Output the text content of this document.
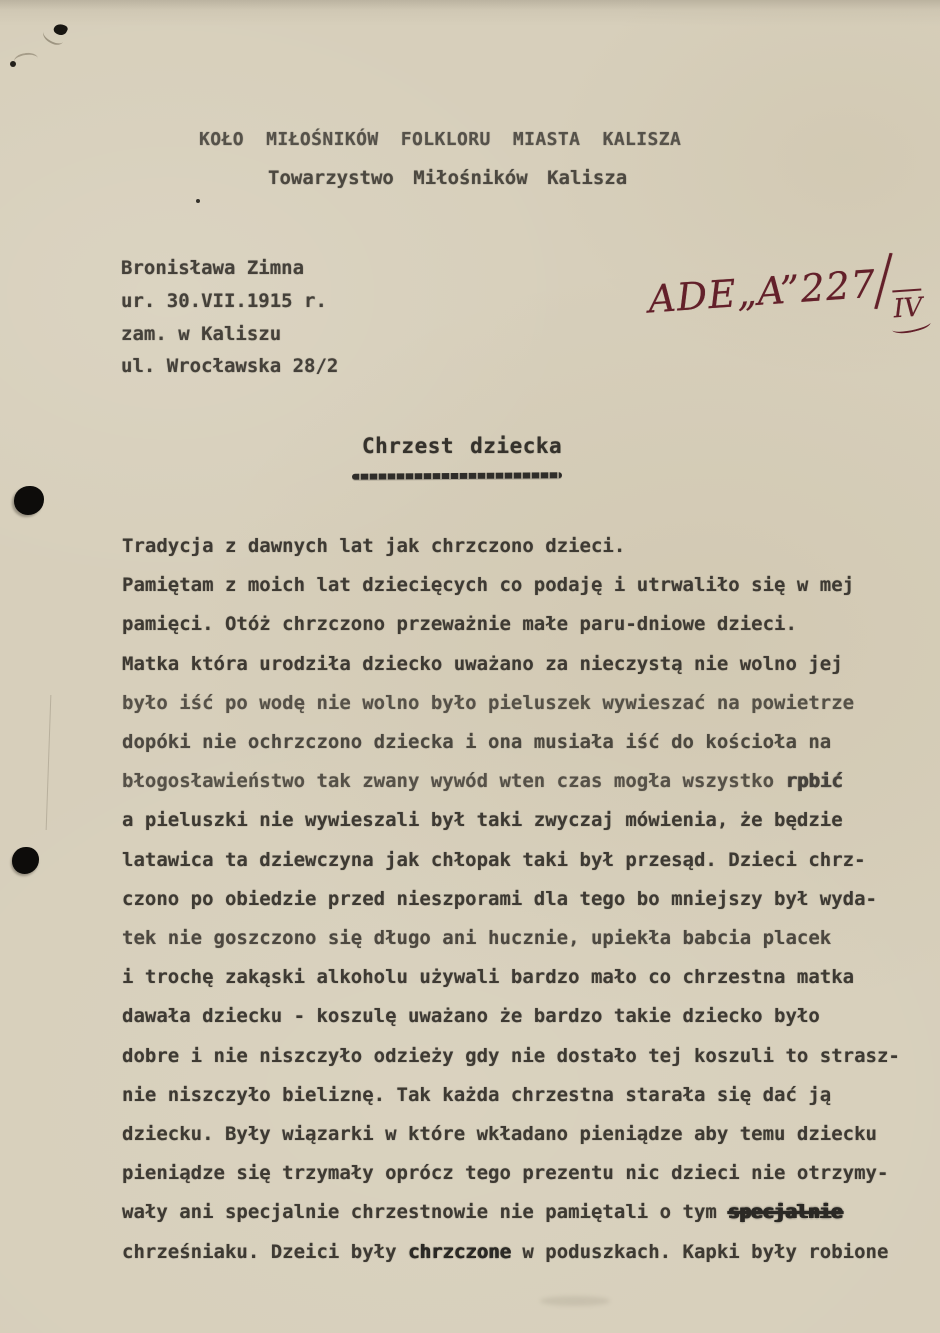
KOŁO MIŁOŚNIKÓW FOLKLORU MIASTA KALISZA
Towarzystwo Miłośników Kalisza
Bronisława Zimna
ur. 30.VII.1915 r.
zam. w Kaliszu
ul. Wrocławska 28/2
ADE„A”227/IV
Chrzest dziecka
Tradycja z dawnych lat jak chrzczono dzieci.
Pamiętam z moich lat dziecięcych co podaję i utrwaliło się w mej
pamięci. Otóż chrzczono przeważnie małe paru-dniowe dzieci.
Matka która urodziła dziecko uważano za nieczystą nie wolno jej
było iść po wodę nie wolno było pieluszek wywieszać na powietrze
dopóki nie ochrzczono dziecka i ona musiała iść do kościoła na
błogosławieństwo tak zwany wywód wten czas mogła wszystko rpbić
a pieluszki nie wywieszali był taki zwyczaj mówienia, że będzie
latawica ta dziewczyna jak chłopak taki był przesąd. Dzieci chrz-
czono po obiedzie przed nieszporami dla tego bo mniejszy był wyda-
tek nie goszczono się długo ani hucznie, upiekła babcia placek
i trochę zakąski alkoholu używali bardzo mało co chrzestna matka
dawała dziecku - koszulę uważano że bardzo takie dziecko było
dobre i nie niszczyło odzieży gdy nie dostało tej koszuli to strasz-
nie niszczyło bieliznę. Tak każda chrzestna starała się dać ją
dziecku. Były wiązarki w które wkładano pieniądze aby temu dziecku
pieniądze się trzymały oprócz tego prezentu nic dzieci nie otrzymy-
wały ani specjalnie chrzestnowie nie pamiętali o tym specjalnie
chrześniaku. Dzeici były chrzczone w poduszkach. Kapki były robione
